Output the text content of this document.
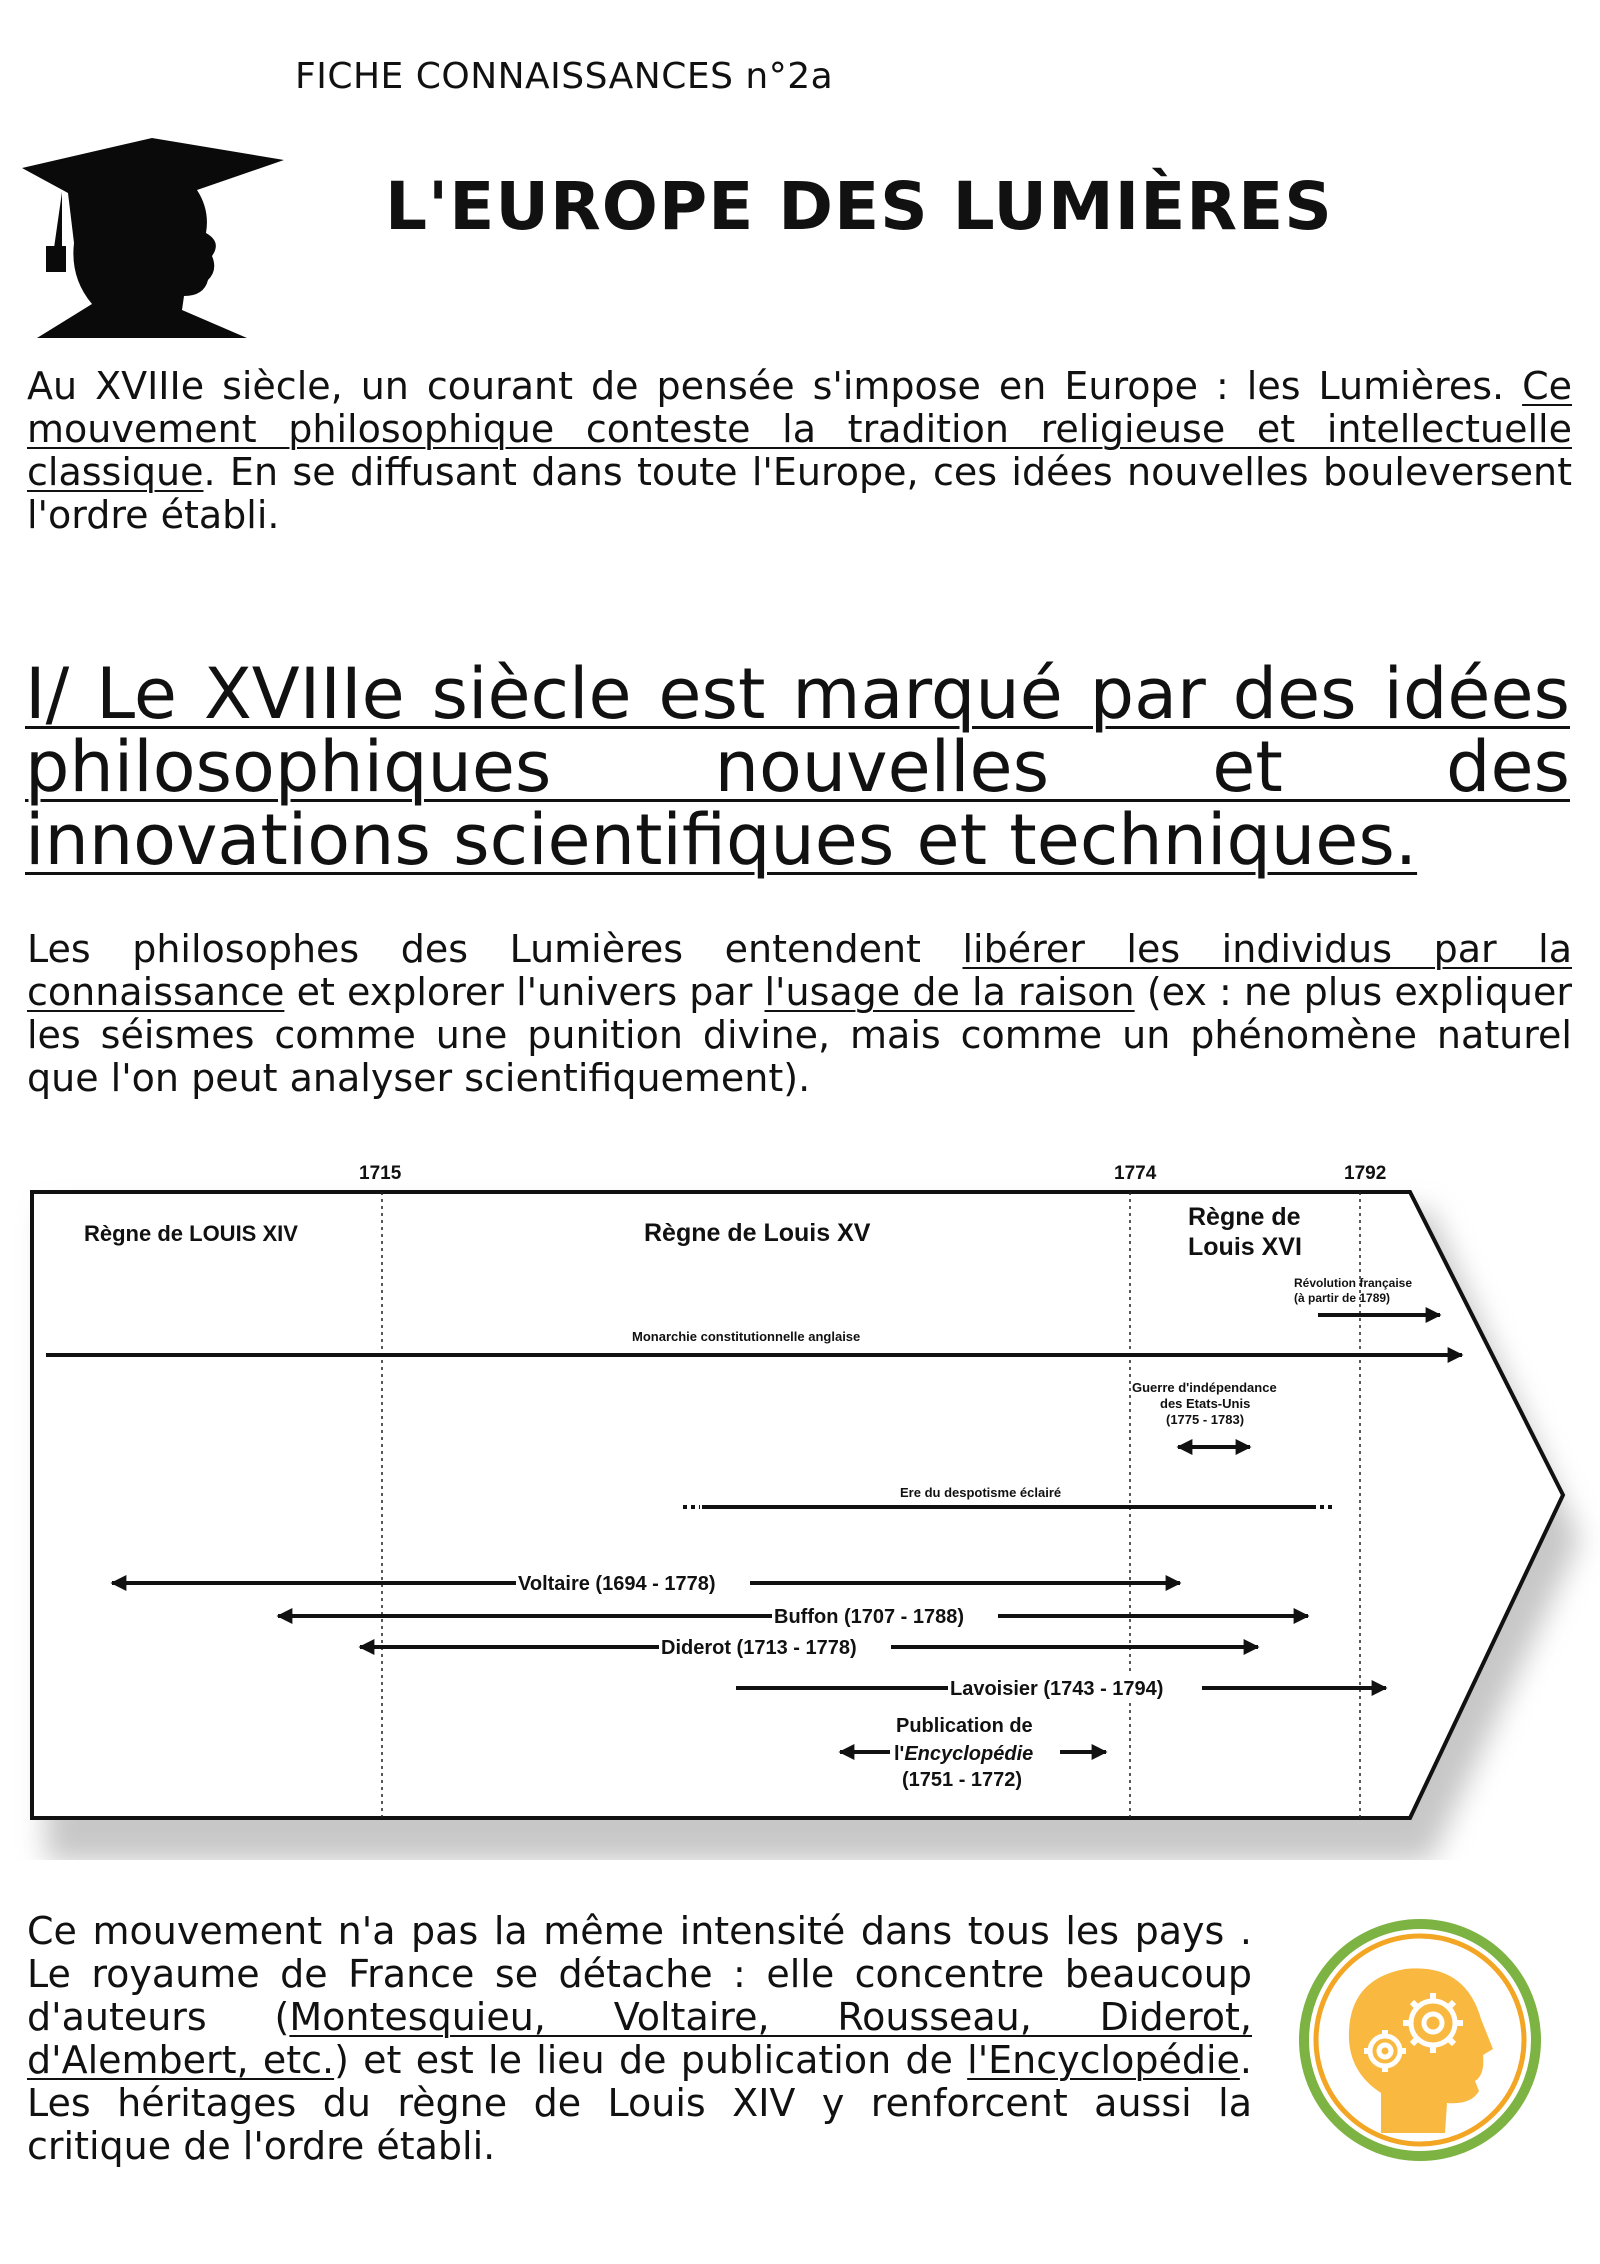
FICHE CONNAISSANCES n°2a
L'EUROPE DES LUMIÈRES
Au XVIIIe siècle, un courant de pensée s'impose en Europe : les Lumières. Ce mouvement philosophique conteste la tradition religieuse et intellectuelle classique. En se diffusant dans toute l'Europe, ces idées nouvelles bouleversent l'ordre établi.
I/ Le XVIIIe siècle est marqué par des idées philosophiques nouvelles et des innovations scientifiques et techniques.
Les philosophes des Lumières entendent libérer les individus par la connaissance et explorer l'univers par l'usage de la raison (ex : ne plus expliquer les séismes comme une punition divine, mais comme un phénomène naturel que l'on peut analyser scientifiquement).
1715	1774	1792
Règne de LOUIS XIV	Règne de Louis XV
Règne de
Louis XVI
Révolution française
(à partir de 1789)
Monarchie constitutionnelle anglaise
Guerre d'indépendance
des Etats-Unis
(1775 - 1783)
Ere du despotisme éclairé
Voltaire (1694 - 1778)
Buffon (1707 - 1788)
Diderot (1713 - 1778)
Lavoisier (1743 - 1794)
Publication de
l'Encyclopédie
(1751 - 1772)
Ce mouvement n'a pas la même intensité dans tous les pays . Le royaume de France se détache : elle concentre beaucoup d'auteurs (Montesquieu, Voltaire, Rousseau, Diderot, d'Alembert, etc.) et est le lieu de publication de l'Encyclopédie. Les héritages du règne de Louis XIV y renforcent aussi la critique de l'ordre établi.
